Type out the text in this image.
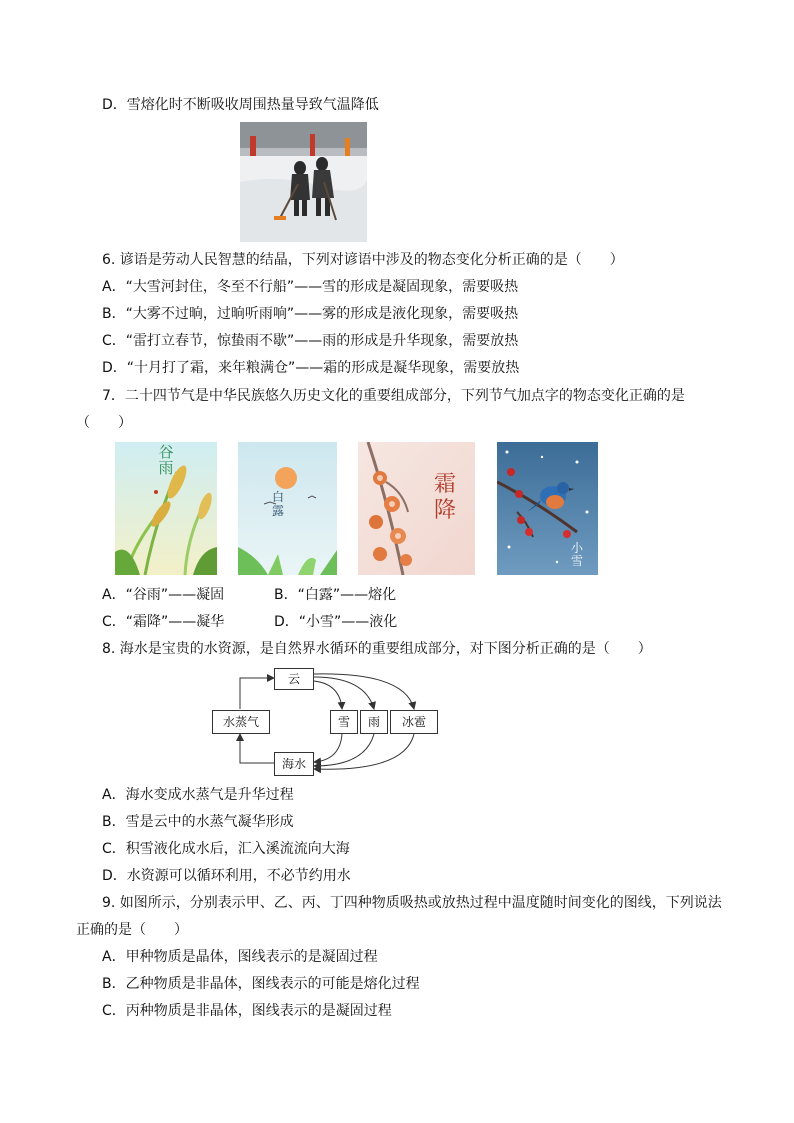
D．雪熔化时不断吸收周围热量导致气温降低
6. 谚语是劳动人民智慧的结晶，下列对谚语中涉及的物态变化分析正确的是（　　）
A．“大雪河封住，冬至不行船”——雪的形成是凝固现象，需要吸热
B．“大雾不过晌，过晌听雨响”——雾的形成是液化现象，需要吸热
C．“雷打立春节，惊蛰雨不歇”——雨的形成是升华现象，需要放热
D．“十月打了霜，来年粮满仓”——霜的形成是凝华现象，需要放热
7．二十四节气是中华民族悠久历史文化的重要组成部分，下列节气加点字的物态变化正确的是
（　　）
谷雨
白露
霜降
小雪
A．“谷雨”——凝固	B．“白露”——熔化
C．“霜降”——凝华	D．“小雪”——液化
8. 海水是宝贵的水资源，是自然界水循环的重要组成部分，对下图分析正确的是（　　）
云
水蒸气	雪	雨	冰雹
海水
A．海水变成水蒸气是升华过程
B．雪是云中的水蒸气凝华形成
C．积雪液化成水后，汇入溪流流向大海
D．水资源可以循环利用，不必节约用水
9. 如图所示，分别表示甲、乙、丙、丁四种物质吸热或放热过程中温度随时间变化的图线，下列说法
正确的是（　　）
A．甲种物质是晶体，图线表示的是凝固过程
B．乙种物质是非晶体，图线表示的可能是熔化过程
C．丙种物质是非晶体，图线表示的是凝固过程
